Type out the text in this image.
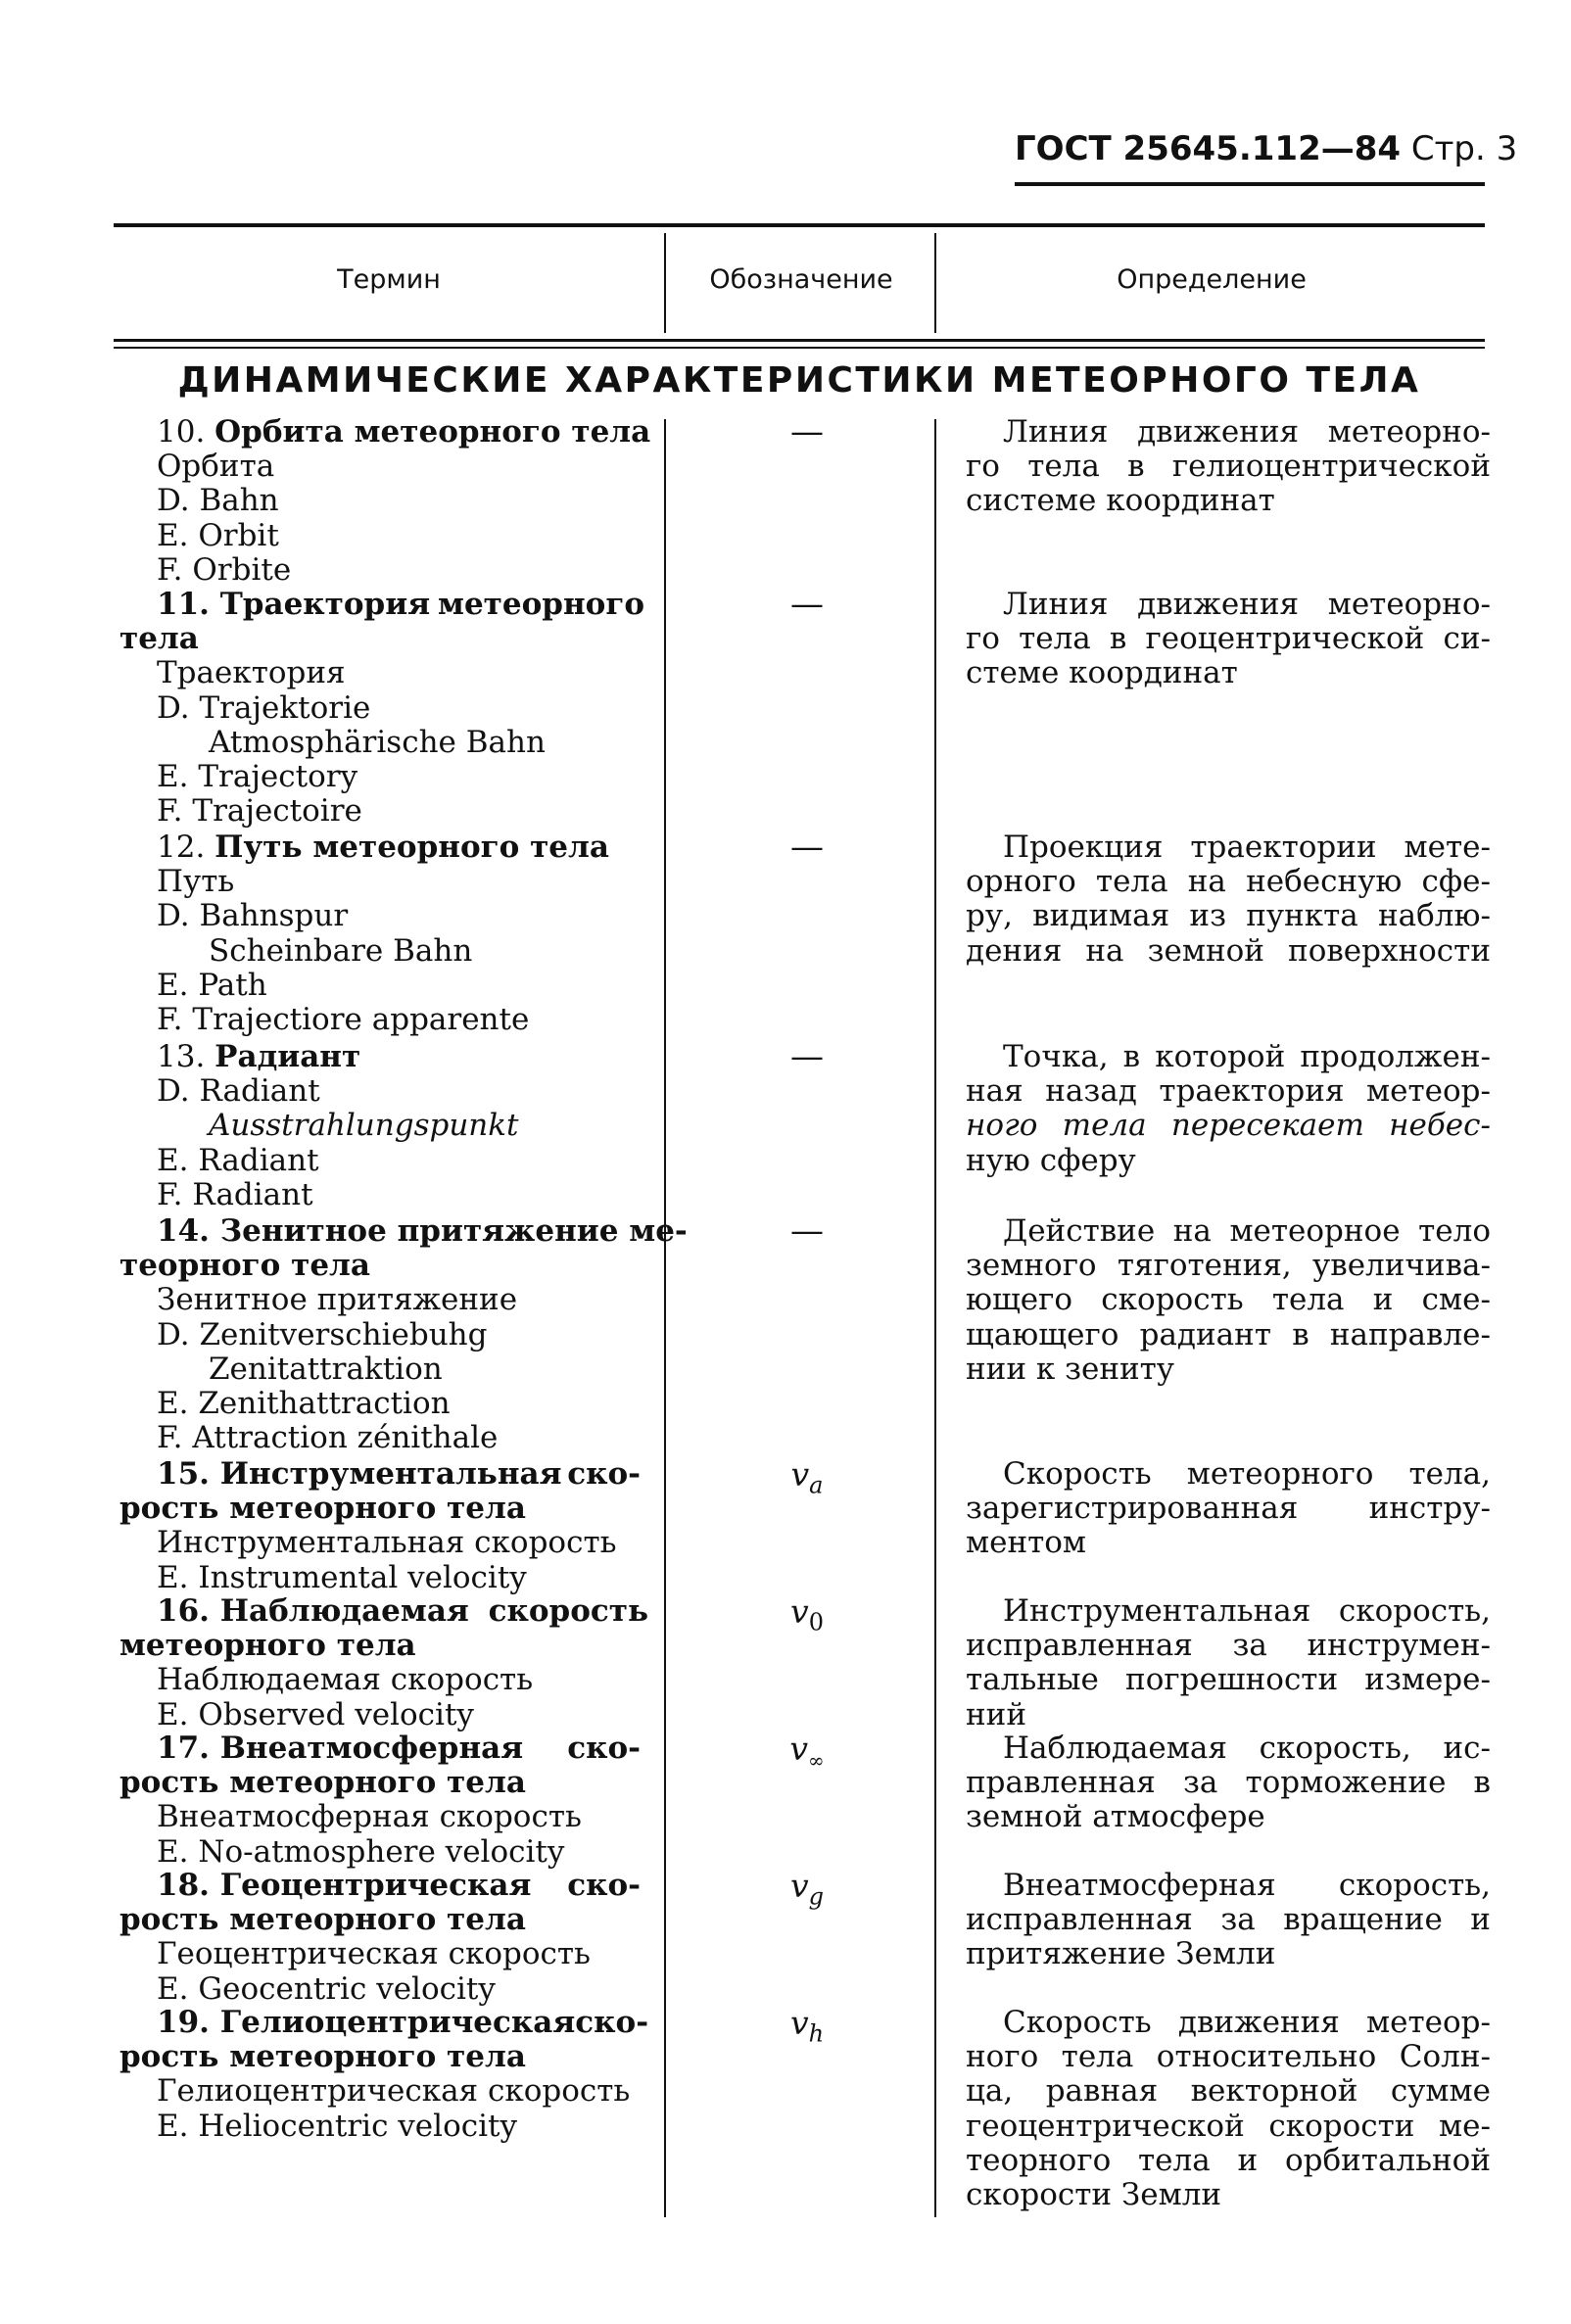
ГОСТ 25645.112—84 Стр. 3
Термин	Обозначение	Определение
ДИНАМИЧЕСКИЕ ХАРАКТЕРИСТИКИ МЕТЕОРНОГО ТЕЛА
10. Орбита метеорного тела
Орбита
D. Bahn
E. Orbit
F. Orbite
—	Линия движения метеорно-
го тела в гелиоцентрической
системе координат
11. Траектория метеорного
тела
Траектория
D. Trajektorie
Atmosphärische Bahn
E. Trajectory
F. Trajectoire
—	Линия движения метеорно-
го тела в геоцентрической си-
стеме координат
12. Путь метеорного тела
Путь
D. Bahnspur
Scheinbare Bahn
E. Path
F. Trajectiore apparente
—	Проекция траектории мете-
орного тела на небесную сфе-
ру, видимая из пункта наблю-
дения на земной поверхности
13. Радиант
D. Radiant
Ausstrahlungspunkt
E. Radiant
F. Radiant
—	Точка, в которой продолжен-
ная назад траектория метеор-
ного тела пересекает небес-
ную сферу
14. Зенитное притяжение ме-
теорного тела
Зенитное притяжение
D. Zenitverschiebuhg
Zenitattraktion
E. Zenithattraction
F. Attraction zénithale
—	Действие на метеорное тело
земного тяготения, увеличива-
ющего скорость тела и сме-
щающего радиант в направле-
нии к зениту
15. Инструментальная ско-
рость метеорного тела
Инструментальная скорость
E. Instrumental velocity
$v_a$	Скорость метеорного тела,
зарегистрированная инстру-
ментом
16. Наблюдаемая скорость
метеорного тела
Наблюдаемая скорость
E. Observed velocity
$v_0$	Инструментальная скорость,
исправленная за инструмен-
тальные погрешности измере-
ний
17. Внеатмосферная ско-
рость метеорного тела
Внеатмосферная скорость
E. No-atmosphere velocity
$v_\infty$	Наблюдаемая скорость, ис-
правленная за торможение в
земной атмосфере
18. Геоцентрическая ско-
рость метеорного тела
Геоцентрическая скорость
E. Geocentric velocity
$v_g$	Внеатмосферная скорость,
исправленная за вращение и
притяжение Земли
19. Гелиоцентрическая ско-
рость метеорного тела
Гелиоцентрическая скорость
E. Heliocentric velocity
$v_h$	Скорость движения метеор-
ного тела относительно Солн-
ца, равная векторной сумме
геоцентрической скорости ме-
теорного тела и орбитальной
скорости Земли
